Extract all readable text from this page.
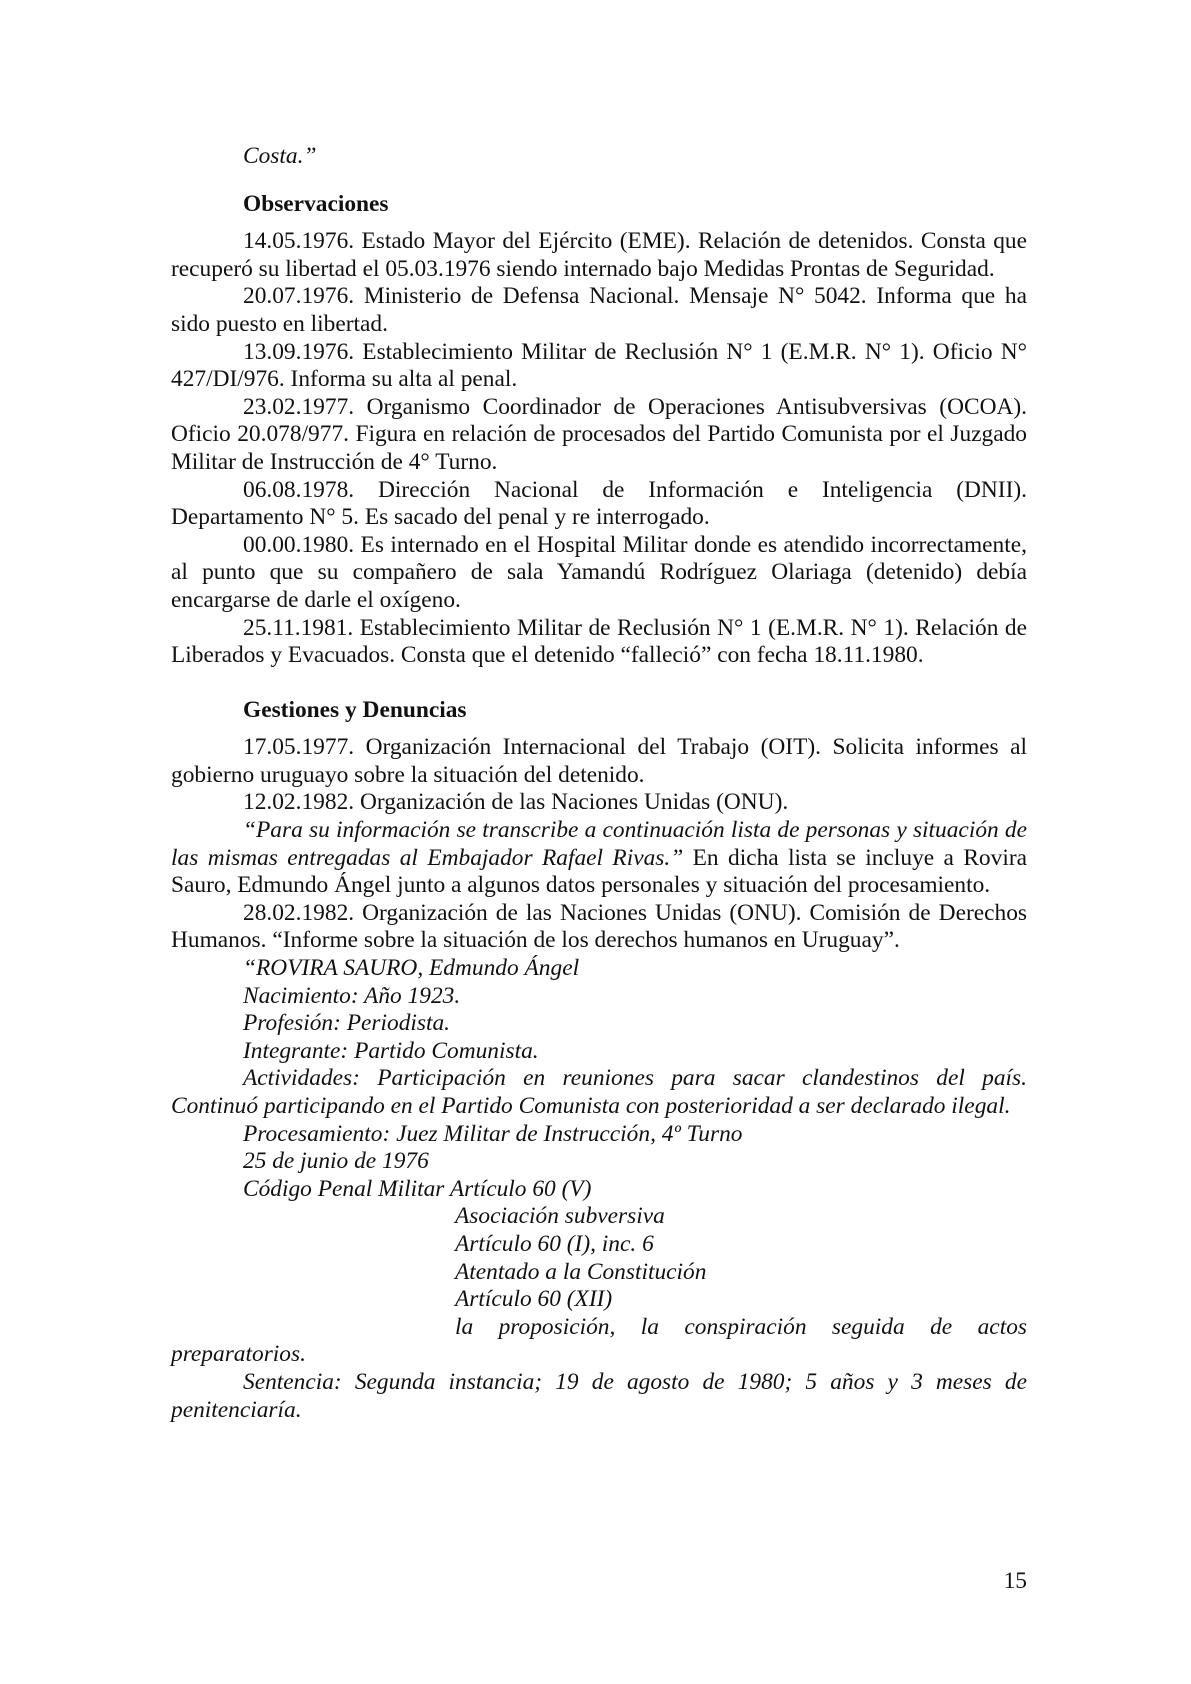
Costa.”

Observaciones

14.05.1976. Estado Mayor del Ejército (EME). Relación de detenidos. Consta que recuperó su libertad el 05.03.1976 siendo internado bajo Medidas Prontas de Seguridad.

20.07.1976. Ministerio de Defensa Nacional. Mensaje N° 5042. Informa que ha sido puesto en libertad.

13.09.1976. Establecimiento Militar de Reclusión N° 1 (E.M.R. N° 1). Oficio N° 427/DI/976. Informa su alta al penal.

23.02.1977. Organismo Coordinador de Operaciones Antisubversivas (OCOA). Oficio 20.078/977. Figura en relación de procesados del Partido Comunista por el Juzgado Militar de Instrucción de 4° Turno.

06.08.1978. Dirección Nacional de Información e Inteligencia (DNII). Departamento N° 5. Es sacado del penal y re interrogado.

00.00.1980. Es internado en el Hospital Militar donde es atendido incorrectamente, al punto que su compañero de sala Yamandú Rodríguez Olariaga (detenido) debía encargarse de darle el oxígeno.

25.11.1981. Establecimiento Militar de Reclusión N° 1 (E.M.R. N° 1). Relación de Liberados y Evacuados. Consta que el detenido “falleció” con fecha 18.11.1980.

Gestiones y Denuncias

17.05.1977. Organización Internacional del Trabajo (OIT). Solicita informes al gobierno uruguayo sobre la situación del detenido.

12.02.1982. Organización de las Naciones Unidas (ONU).

“Para su información se transcribe a continuación lista de personas y situación de las mismas entregadas al Embajador Rafael Rivas.” En dicha lista se incluye a Rovira Sauro, Edmundo Ángel junto a algunos datos personales y situación del procesamiento.

28.02.1982. Organización de las Naciones Unidas (ONU). Comisión de Derechos Humanos. “Informe sobre la situación de los derechos humanos en Uruguay”.

“ROVIRA SAURO, Edmundo Ángel

Nacimiento: Año 1923.

Profesión: Periodista.

Integrante: Partido Comunista.

Actividades: Participación en reuniones para sacar clandestinos del país. Continuó participando en el Partido Comunista con posterioridad a ser declarado ilegal.

Procesamiento: Juez Militar de Instrucción, 4º Turno

25 de junio de 1976

Código Penal Militar Artículo 60 (V)

Asociación subversiva

Artículo 60 (I), inc. 6

Atentado a la Constitución

Artículo 60 (XII)

la proposición, la conspiración seguida de actos preparatorios.

Sentencia: Segunda instancia; 19 de agosto de 1980; 5 años y 3 meses de penitenciaría.

15
